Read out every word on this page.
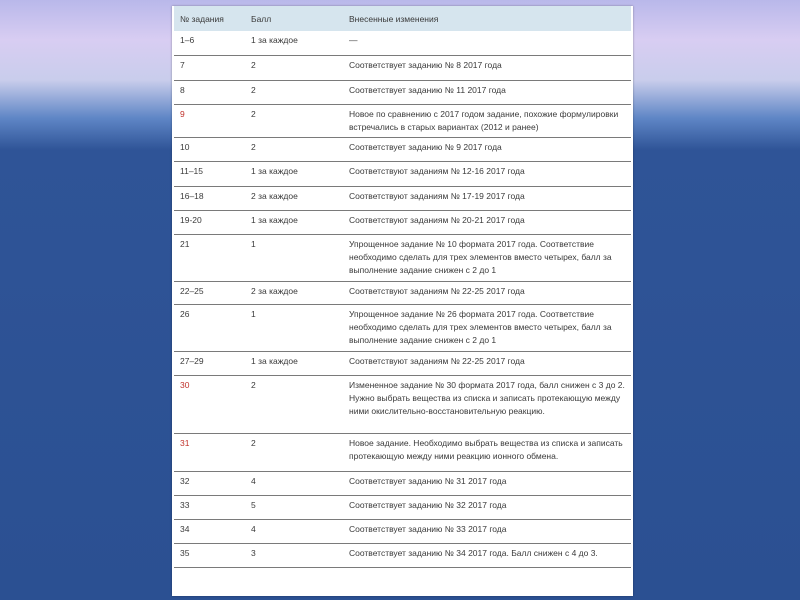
№ задания	Балл	Внесенные изменения
1–6	1 за каждое	—
7	2	Соответствует заданию № 8 2017 года
8	2	Соответствует заданию № 11 2017 года
9	2	Новое по сравнению с 2017 годом задание, похожие формулировки встречались в старых вариантах (2012 и ранее)
10	2	Соответствует заданию № 9 2017 года
11–15	1 за каждое	Соответствуют заданиям № 12-16 2017 года
16–18	2 за каждое	Соответствуют заданиям № 17-19 2017 года
19-20	1 за каждое	Соответствуют заданиям № 20-21 2017 года
21	1	Упрощенное задание № 10 формата 2017 года. Соответствие необходимо сделать для трех элементов вместо четырех, балл за выполнение задание снижен с 2 до 1
22–25	2 за каждое	Соответствуют заданиям № 22-25 2017 года
26	1	Упрощенное задание № 26 формата 2017 года. Соответствие необходимо сделать для трех элементов вместо четырех, балл за выполнение задание снижен с 2 до 1
27–29	1 за каждое	Соответствуют заданиям № 22-25 2017 года
30	2	Измененное задание № 30 формата 2017 года, балл снижен с 3 до 2. Нужно выбрать вещества из списка и записать протекающую между ними окислительно-восстановительную реакцию.
31	2	Новое задание. Необходимо выбрать вещества из списка и записать протекающую между ними реакцию ионного обмена.
32	4	Соответствует заданию № 31 2017 года
33	5	Соответствует заданию № 32 2017 года
34	4	Соответствует заданию № 33 2017 года
35	3	Соответствует заданию № 34 2017 года. Балл снижен с 4 до 3.
